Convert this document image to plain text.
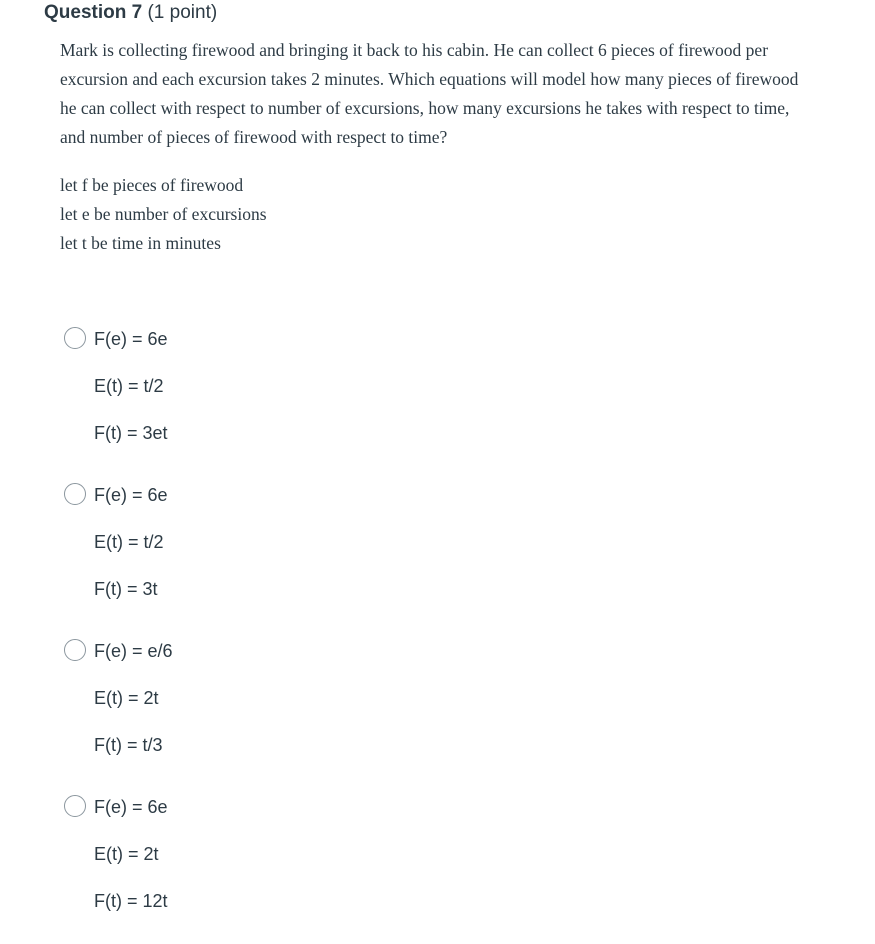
Question 7 (1 point)

Mark is collecting firewood and bringing it back to his cabin. He can collect 6 pieces of firewood per excursion and each excursion takes 2 minutes. Which equations will model how many pieces of firewood he can collect with respect to number of excursions, how many excursions he takes with respect to time, and number of pieces of firewood with respect to time?

let f be pieces of firewood
let e be number of excursions
let t be time in minutes
F(e) = 6e
E(t) = t/2
F(t) = 3et
F(e) = 6e
E(t) = t/2
F(t) = 3t
F(e) = e/6
E(t) = 2t
F(t) = t/3
F(e) = 6e
E(t) = 2t
F(t) = 12t
